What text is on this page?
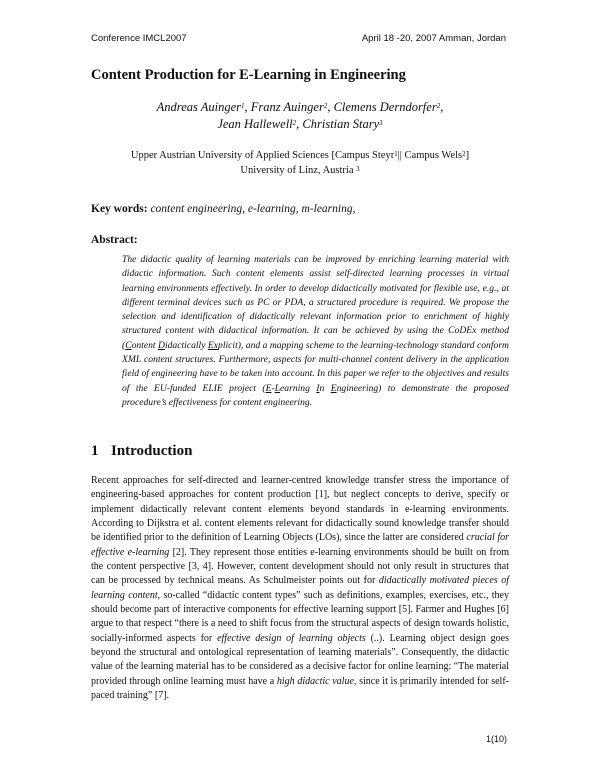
Conference IMCL2007	April 18 -20, 2007 Amman, Jordan
Content Production for E-Learning in Engineering
Andreas Auinger$^1$, Franz Auinger$^2$, Clemens Derndorfer$^2$,
Jean Hallewell$^2$, Christian Stary$^3$
Upper Austrian University of Applied Sciences [Campus Steyr$^1$|| Campus Wels$^2$]
University of Linz, Austria $^3$
Key words: content engineering, e-learning, m-learning,
Abstract:
The didactic quality of learning materials can be improved by enriching learning material with didactic information. Such content elements assist self-directed learning processes in virtual learning environments effectively. In order to develop didactically motivated for flexible use, e.g., at different terminal devices such as PC or PDA, a structured procedure is required. We propose the selection and identification of didactically relevant information prior to enrichment of highly structured content with didactical information. It can be achieved by using the CoDEx method (Content Didactically Explicit), and a mapping scheme to the learning-technology standard conform XML content structures. Furthermore, aspects for multi-channel content delivery in the application field of engineering have to be taken into account. In this paper we refer to the objectives and results of the EU-funded ELIE project (E-Learning In Engineering) to demonstrate the proposed procedure’s effectiveness for content engineering.
1 Introduction
Recent approaches for self-directed and learner-centred knowledge transfer stress the importance of engineering-based approaches for content production [1], but neglect concepts to derive, specify or implement didactically relevant content elements beyond standards in e-learning environments. According to Dijkstra et al. content elements relevant for didactically sound knowledge transfer should be identified prior to the definition of Learning Objects (LOs), since the latter are considered crucial for effective e-learning [2]. They represent those entities e-learning environments should be built on from the content perspective [3, 4]. However, content development should not only result in structures that can be processed by technical means. As Schulmeister points out for didactically motivated pieces of learning content, so-called “didactic content types” such as definitions, examples, exercises, etc., they should become part of interactive components for effective learning support [5]. Farmer and Hughes [6] argue to that respect “there is a need to shift focus from the structural aspects of design towards holistic, socially-informed aspects for effective design of learning objects (..). Learning object design goes beyond the structural and ontological representation of learning materials”. Consequently, the didactic value of the learning material has to be considered as a decisive factor for online learning: “The material provided through online learning must have a high didactic value, since it is primarily intended for self-paced training” [7].
1(10)
